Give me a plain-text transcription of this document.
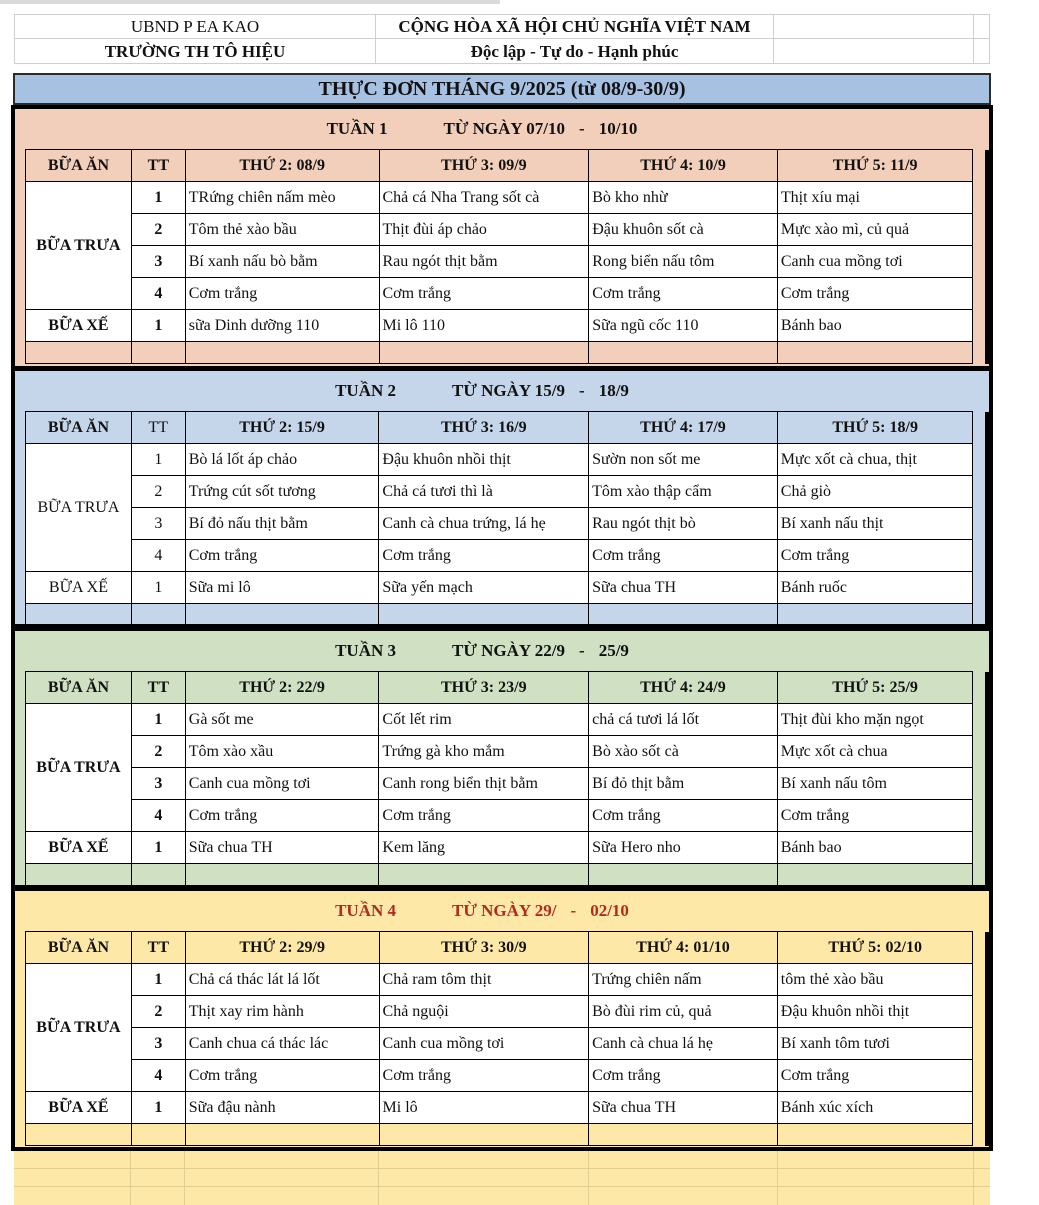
UBND P EA KAO	CỘNG HÒA XÃ HỘI CHỦ NGHĨA VIỆT NAM
TRƯỜNG TH TÔ HIỆU	Độc lập - Tự do - Hạnh phúc
THỰC ĐƠN THÁNG 9/2025 (từ 08/9-30/9)
TUẦN 1	TỪ NGÀY 07/10 - 10/10
BỮA ĂN	TT	THỨ 2: 08/9	THỨ 3: 09/9	THỨ 4: 10/9	THỨ 5: 11/9	
BỮA TRƯA	1	TRứng chiên nấm mèo	Chả cá Nha Trang sốt cà	Bò kho nhừ	Thịt xíu mại	
	2	Tôm thẻ xào bầu	Thịt đùi áp chảo	Đậu khuôn sốt cà	Mực xào mì, củ quả	
	3	Bí xanh nấu bò bằm	Rau ngót thịt bằm	Rong biển nấu tôm	Canh cua mồng tơi	
	4	Cơm trắng	Cơm trắng	Cơm trắng	Cơm trắng	
BỮA XẾ	1	sữa Dinh dưỡng 110	Mi lô 110	Sữa ngũ cốc 110	Bánh bao	

TUẦN 2	TỪ NGÀY 15/9 - 18/9
BỮA ĂN	TT	THỨ 2: 15/9	THỨ 3: 16/9	THỨ 4: 17/9	THỨ 5: 18/9	
BỮA TRƯA	1	Bò lá lốt áp chảo	Đậu khuôn nhồi thịt	Sườn non sốt me	Mực xốt cà chua, thịt	
	2	Trứng cút sốt tương	Chả cá tươi thì là	Tôm xào thập cẩm	Chả giò	
	3	Bí đỏ nấu thịt bằm	Canh cà chua trứng, lá hẹ	Rau ngót thịt bò	Bí xanh nấu thịt	
	4	Cơm trắng	Cơm trắng	Cơm trắng	Cơm trắng	
BỮA XẾ	1	Sữa mi lô	Sữa yến mạch	Sữa chua TH	Bánh ruốc	

TUẦN 3	TỪ NGÀY 22/9 - 25/9
BỮA ĂN	TT	THỨ 2: 22/9	THỨ 3: 23/9	THỨ 4: 24/9	THỨ 5: 25/9	
BỮA TRƯA	1	Gà sốt me	Cốt lết rim	chả cá tươi lá lốt	Thịt đùi kho mặn ngọt	
	2	Tôm xào xầu	Trứng gà kho mắm	Bò xào sốt cà	Mực xốt cà chua	
	3	Canh cua mồng tơi	Canh rong biển thịt bằm	Bí đỏ thịt bằm	Bí xanh nấu tôm	
	4	Cơm trắng	Cơm trắng	Cơm trắng	Cơm trắng	
BỮA XẾ	1	Sữa chua TH	Kem lăng	Sữa Hero nho	Bánh bao	

TUẦN 4	TỪ NGÀY 29/ - 02/10
BỮA ĂN	TT	THỨ 2: 29/9	THỨ 3: 30/9	THỨ 4: 01/10	THỨ 5: 02/10	
BỮA TRƯA	1	Chả cá thác lát lá lốt	Chả ram tôm thịt	Trứng chiên nấm	tôm thẻ xào bầu	
	2	Thịt xay rim hành	Chả nguội	Bò đùi rim củ, quả	Đậu khuôn nhồi thịt	
	3	Canh chua cá thác lác	Canh cua mồng tơi	Canh cà chua lá hẹ	Bí xanh tôm tươi	
	4	Cơm trắng	Cơm trắng	Cơm trắng	Cơm trắng	
BỮA XẾ	1	Sữa đậu nành	Mi lô	Sữa chua TH	Bánh xúc xích	
